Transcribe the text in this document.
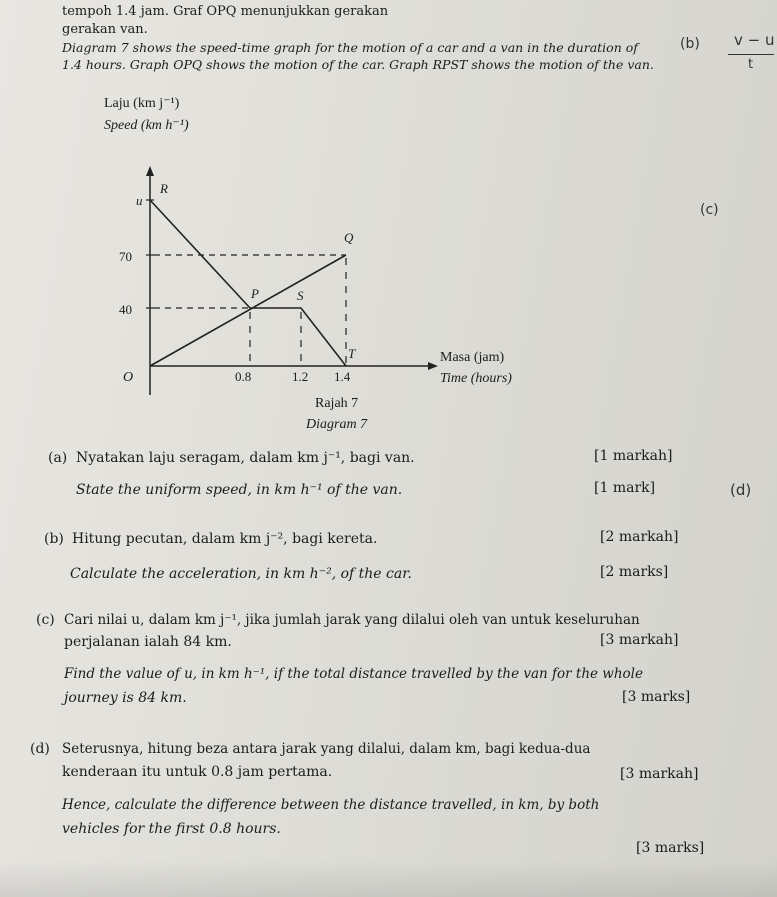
tempoh 1.4 jam. Graf OPQ menunjukkan gerakan
gerakan van.
Diagram 7 shows the speed-time graph for the motion of a car and a van in the duration of
1.4 hours. Graph OPQ shows the motion of the car. Graph RPST shows the motion of the van.
(b) v − u
t
(c)
(d)
Laju (km j⁻¹)
Speed (km h⁻¹)
u
70
40
O	0.8	1.2 1.4
R
Q
P	S
T	Masa (jam)
Time (hours)
Rajah 7
Diagram 7
(a) Nyatakan laju seragam, dalam km j⁻¹, bagi van.	[1 markah]
State the uniform speed, in km h⁻¹ of the van.	[1 mark]
(b) Hitung pecutan, dalam km j⁻², bagi kereta.	[2 markah]
Calculate the acceleration, in km h⁻², of the car.	[2 marks]
(c) Cari nilai u, dalam km j⁻¹, jika jumlah jarak yang dilalui oleh van untuk keseluruhan
perjalanan ialah 84 km.	[3 markah]
Find the value of u, in km h⁻¹, if the total distance travelled by the van for the whole
journey is 84 km.	[3 marks]
(d) Seterusnya, hitung beza antara jarak yang dilalui, dalam km, bagi kedua-dua
kenderaan itu untuk 0.8 jam pertama.	[3 markah]
Hence, calculate the difference between the distance travelled, in km, by both
vehicles for the first 0.8 hours.
[3 marks]
